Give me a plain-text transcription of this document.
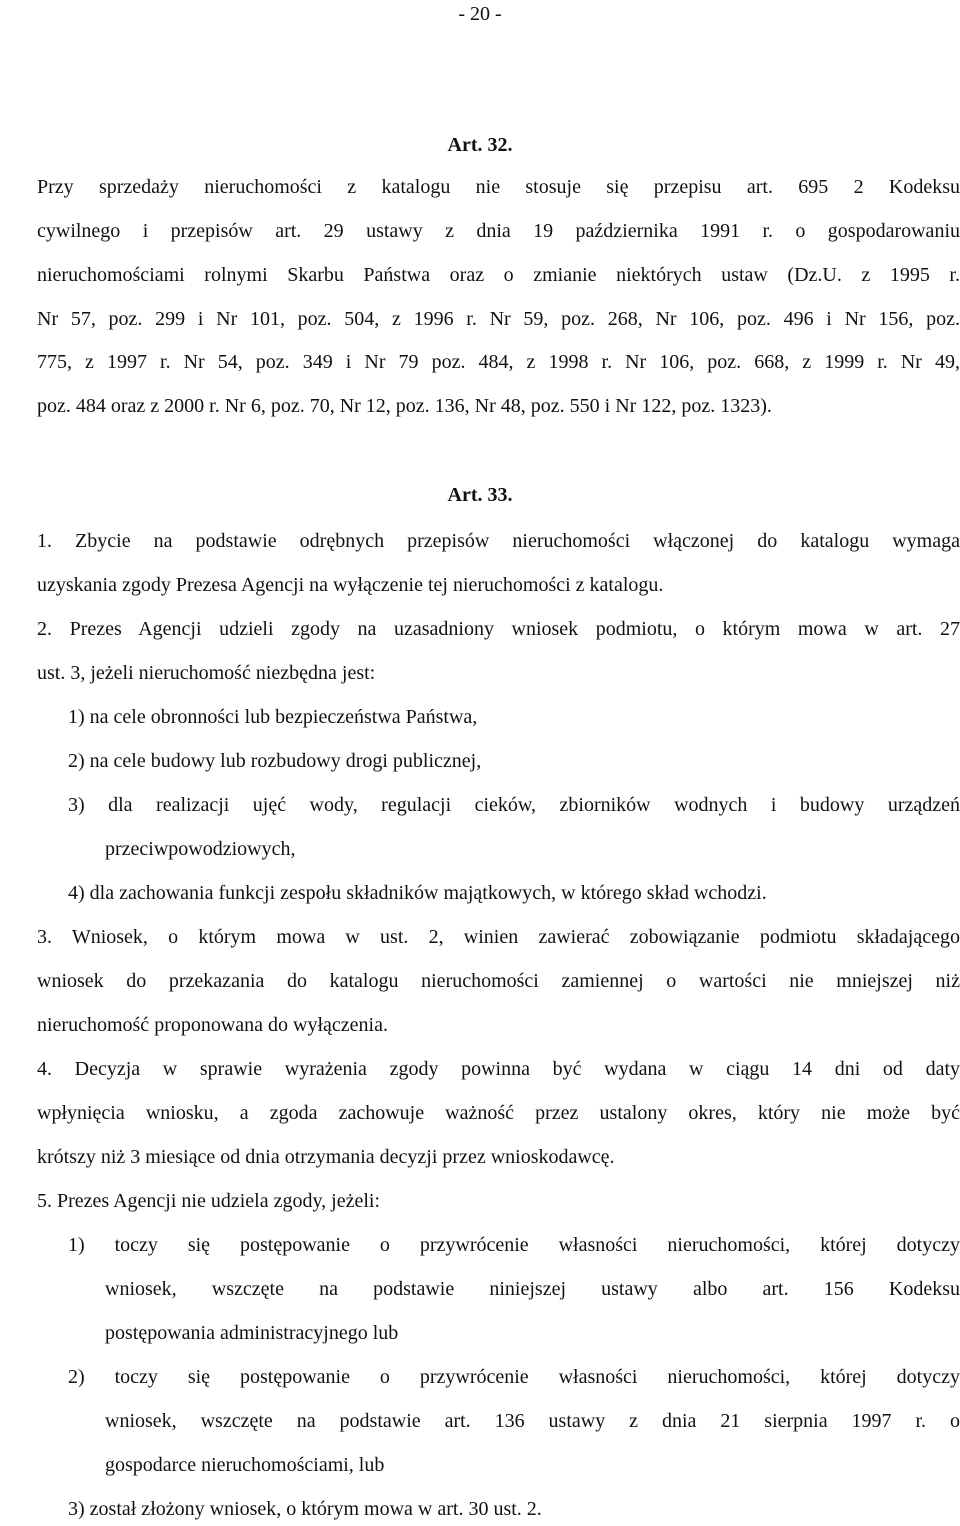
- 20 -
Art. 32.
Przy sprzedaży nieruchomości z katalogu nie stosuje się przepisu art. 695 2 Kodeksu
cywilnego i przepisów art. 29 ustawy z dnia 19 października 1991 r. o gospodarowaniu
nieruchomościami rolnymi Skarbu Państwa oraz o zmianie niektórych ustaw (Dz.U. z 1995 r.
Nr 57, poz. 299 i Nr 101, poz. 504, z 1996 r. Nr 59, poz. 268, Nr 106, poz. 496 i Nr 156, poz.
775, z 1997 r. Nr 54, poz. 349 i Nr 79 poz. 484, z 1998 r. Nr 106, poz. 668, z 1999 r. Nr 49,
poz. 484 oraz z 2000 r. Nr 6, poz. 70, Nr 12, poz. 136, Nr 48, poz. 550 i Nr 122, poz. 1323).
Art. 33.
1. Zbycie na podstawie odrębnych przepisów nieruchomości włączonej do katalogu wymaga
uzyskania zgody Prezesa Agencji na wyłączenie tej nieruchomości z katalogu.
2. Prezes Agencji udzieli zgody na uzasadniony wniosek podmiotu, o którym mowa w art. 27
ust. 3, jeżeli nieruchomość niezbędna jest:
1) na cele obronności lub bezpieczeństwa Państwa,
2) na cele budowy lub rozbudowy drogi publicznej,
3) dla realizacji ujęć wody, regulacji cieków, zbiorników wodnych i budowy urządzeń
przeciwpowodziowych,
4) dla zachowania funkcji zespołu składników majątkowych, w którego skład wchodzi.
3. Wniosek, o którym mowa w ust. 2, winien zawierać zobowiązanie podmiotu składającego
wniosek do przekazania do katalogu nieruchomości zamiennej o wartości nie mniejszej niż
nieruchomość proponowana do wyłączenia.
4. Decyzja w sprawie wyrażenia zgody powinna być wydana w ciągu 14 dni od daty
wpłynięcia wniosku, a zgoda zachowuje ważność przez ustalony okres, który nie może być
krótszy niż 3 miesiące od dnia otrzymania decyzji przez wnioskodawcę.
5. Prezes Agencji nie udziela zgody, jeżeli:
1) toczy się postępowanie o przywrócenie własności nieruchomości, której dotyczy
wniosek, wszczęte na podstawie niniejszej ustawy albo art. 156 Kodeksu
postępowania administracyjnego lub
2) toczy się postępowanie o przywrócenie własności nieruchomości, której dotyczy
wniosek, wszczęte na podstawie art. 136 ustawy z dnia 21 sierpnia 1997 r. o
gospodarce nieruchomościami, lub
3) został złożony wniosek, o którym mowa w art. 30 ust. 2.
